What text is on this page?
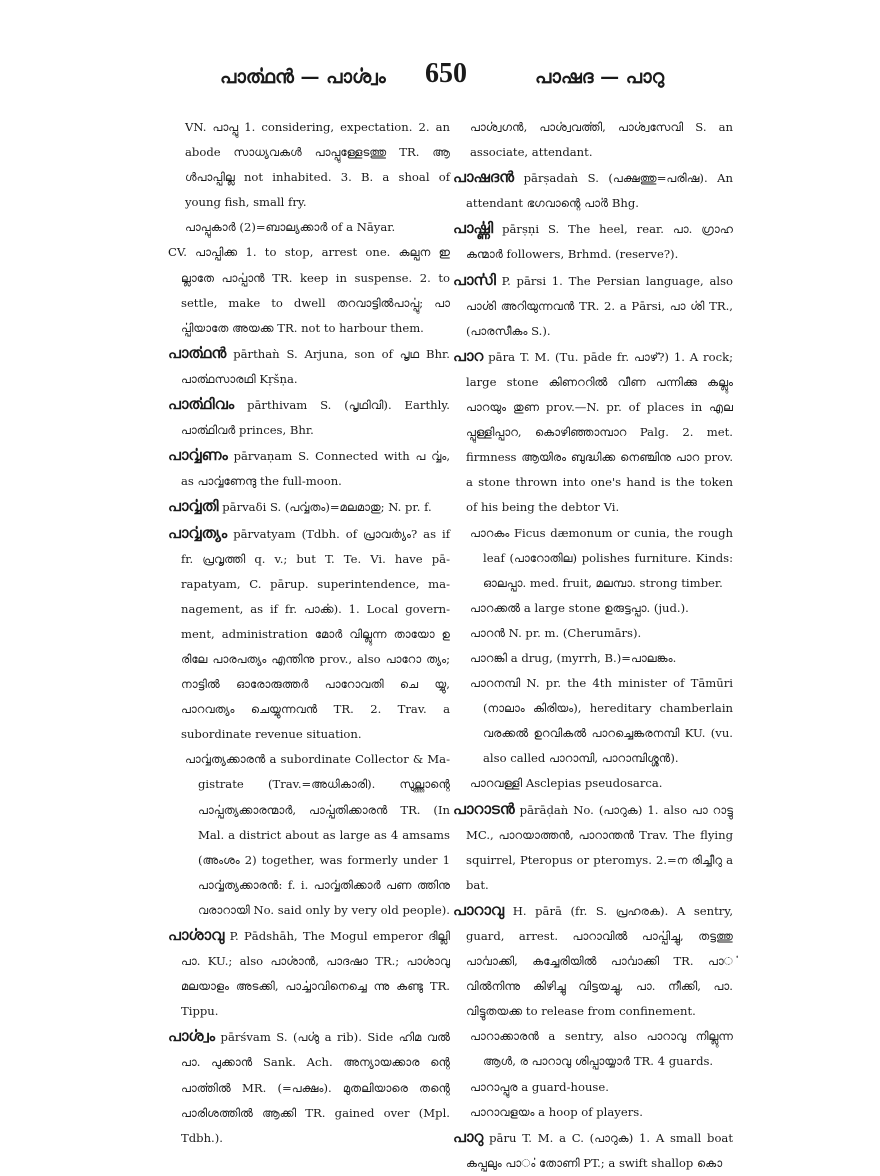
പാൎത്ഥൻ — പാൎശ്വം 650	പാഷദ — പാറു

VN. പാപ്പു 1. considering, expectation. 2. an abode സാധ്യവകൾ പാപ്പുള്ളേടത്തു TR. ആ ൾപാപ്പില്ല not inhabited. 3. B. a shoal of young fish, small fry.

പാപ്പുകാർ (2)=ബാല്യക്കാർ of a Nāyar.

CV. പാപ്പിക്ക 1. to stop, arrest one. കല്പന ഇ ല്ലാതേ പാൎപ്പാൻ TR. keep in suspense. 2. to settle, make to dwell തറവാട്ടിൽപാൎപ്പു; പാ ൎപ്പിയാതേ അയക്ക TR. not to harbour them.

പാൎത്ഥൻ pārthaǹ S. Arjuna, son of പൃഥ Bhr. പാൎത്ഥസാരഥി Kṛšṇa.

പാൎത്ഥിവം pārthivam S. (പൃഥിവി). Earthly. പാൎത്ഥിവർ princes, Bhr.

പാൎവ്വണം pārvaṇam S. Connected with പ ൎവ്വം, as പാൎവ്വണേന്ദു the full-moon.

പാൎവ്വതി pārvaδi S. (പൎവ്വതം)=മലമാതു; N. pr. f.

പാൎവ്വത്യം pārvatyam (Tdbh. of പ്രാവൎത്യം? as if fr. പ്രവൃത്തി q. v.; but T. Te. Vi. have pā- rapatyam, C. pārup. superintendence, ma- nagement, as if fr. പാൎക്ക). 1. Local govern- ment, administration മോർ വില്ലുന്ന തായോ ഉ രിലേ പാരപത്യം എന്തിനു prov., also പാറോ ത്യം; നാട്ടിൽ ഓരോരുത്തർ പാറോവതി ചെ യ്യു, പാറവത്യം ചെയ്യുന്നവൻ TR. 2. Trav. a subordinate revenue situation.

പാൎവ്വത്യക്കാരൻ a subordinate Collector & Ma- gistrate (Trav.=അധികാരി). സുല്ത്താന്റെ പാൎപ്പത്യക്കാരന്മാർ, പാൎപ്പതിക്കാരൻ TR. (In Mal. a district about as large as 4 amsams (അംശം 2) together, was formerly under 1 പാൎവ്വത്യക്കാരൻ: f. i. പാൎവ്വതിക്കാർ പണ ത്തിനു വരാറായി No. said only by very old people).

പാൎശാവു P. Pādshāh, The Mogul emperor ദില്ലി പാ. KU.; also പാൎശാൻ, പാദഷാ TR.; പാൎശാവു മലയാളം അടക്കി, പാൎച്ചാവിനെച്ചെ ന്നു കണ്ടു TR. Tippu.

പാൎശ്വം pārśvam S. (പൎശു a rib). Side ഹിമ വൽ പാ. പുക്കാൻ Sank. Ach. അന്യായക്കാര ന്റെ പാൎത്തിൽ MR. (=പക്ഷം). മുതലിയാരെ തന്റെ പാരിശത്തിൽ ആക്കി TR. gained over (Mpl. Tdbh.).

പാൎശ്വഗൻ, പാൎശ്വവൎത്തി, പാൎശ്വസേവി S. an associate, attendant.

പാഷദൻ pārṣadaǹ S. (പക്ഷത്തു=പരിഷ). An attendant ഭഗവാന്റെ പാൎർ Bhg.

പാൎഷ്ണി pārṣṇi S. The heel, rear. പാ. ഗ്രാഹ കന്മാർ followers, Brhmd. (reserve?).

പാൎസി P. pārsi 1. The Persian language, also പാൎശി അറിയുന്നവൻ TR. 2. a Pārsi, പാ ൎശി TR., (പാരസീകം S.).

പാറ pāra T. M. (Tu. pāde fr. പാഴ്?) 1. A rock; large stone കിണററിൽ വീണ പന്നിക്കു കല്ലും പാറയും തുണ prov.—N. pr. of places in എല പ്പുള്ളിപ്പാറ, കൊഴിഞ്ഞാമ്പാറ Palg. 2. met. firmness ആയിരം ബുദ്ധിക്ക നെഞ്ചിനു പാറ prov. a stone thrown into one's hand is the token of his being the debtor Vi.

പാറകം Ficus dæmonum or cunia, the rough leaf (പാറോതില) polishes furniture. Kinds: ഓലപ്പാ. med. fruit, മലമ്പാ. strong timber.

പാറക്കൽ a large stone ഉരുട്ടപ്പാ. (jud.).

പാറൻ N. pr. m. (Cherumārs).

പാറങ്കി a drug, (myrrh, B.)=പാലങ്കം.

പാറനമ്പി N. pr. the 4th minister of Tāmūri (നാലാം കിരിയം), hereditary chamberlain വരക്കൽ ഉറവികൽ പാറച്ചെങ്കരനമ്പി KU. (vu. also called പാറാമ്പി, പാറാമ്പിശ്ശൻ).

പാറവള്ളി Asclepias pseudosarca.

പാറാടൻ pārāḍaǹ No. (പാറുക) 1. also പാ റാട്ടു MC., പാറയാത്തൻ, പാറാന്തൻ Trav. The flying squirrel, Pteropus or pteromys. 2.=ന രിച്ചീറു a bat.

പാറാവു H. pārā (fr. S. പ്രഹരക). A sentry, guard, arrest. പാറാവിൽ പാൎപ്പിച്ചു, തട്ടത്തു പാൎവാക്കി, കച്ചേരിയിൽ പാൎവാക്കി TR. പാൎ വിൽനിന്നു കിഴിച്ചു വിട്ടയച്ചു, പാ. നീക്കി, പാ. വിട്ടുതയക്ക to release from confinement.

പാറാക്കാരൻ a sentry, also പാറാവു നില്ലുന്ന ആൾ, ര പാറാവു ശിപ്പായ്യാർ TR. 4 guards.

പാറാപ്പുര a guard-house.

പാറാവളയം a hoop of players.

പാറു pāru T. M. a C. (പാറുക) 1. A small boat കപ്പലും പാൎം തോണി PT.; a swift shallop കൊ
